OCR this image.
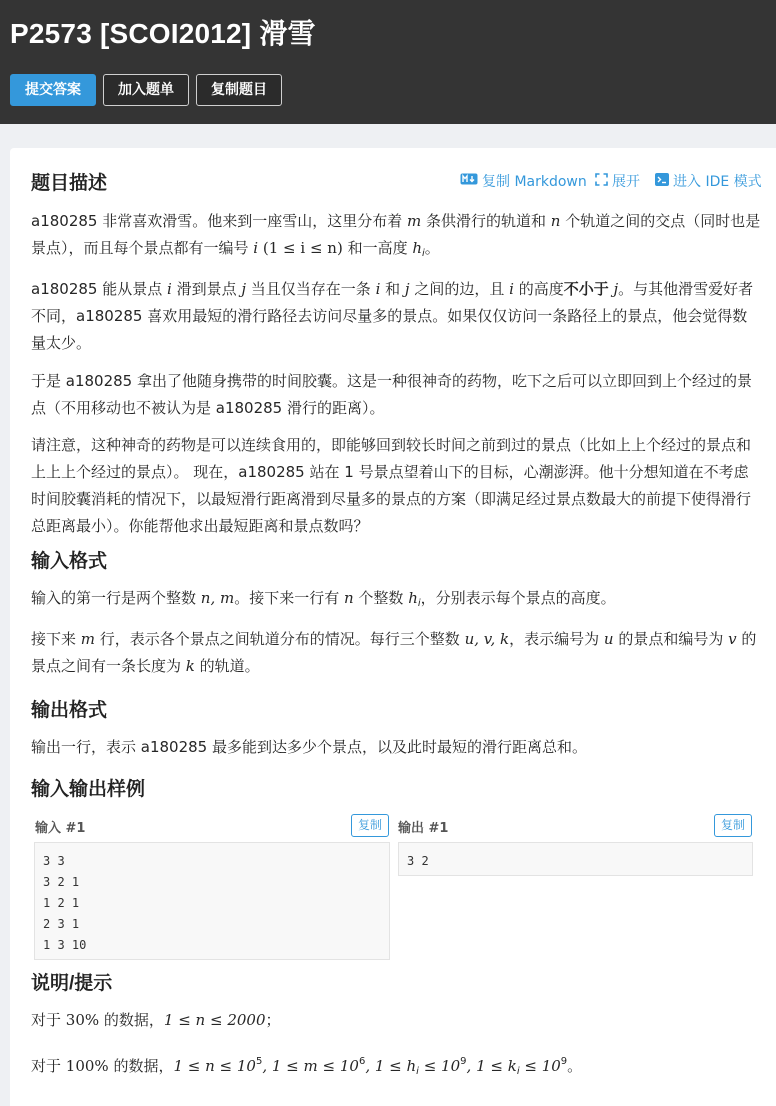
P2573 [SCOI2012] 滑雪
提交答案	加入题单	复制题目
复制 Markdown 展开 进入 IDE 模式
题目描述
a180285 非常喜欢滑雪。他来到一座雪山，这里分布着 m 条供滑行的轨道和 n 个轨道之间的交点（同时也是景点），而且每个景点都有一编号 i (1 ≤ i ≤ n) 和一高度 $h_i$。
a180285 能从景点 i 滑到景点 j 当且仅当存在一条 i 和 j 之间的边，且 i 的高度不小于 j。与其他滑雪爱好者不同，a180285 喜欢用最短的滑行路径去访问尽量多的景点。如果仅仅访问一条路径上的景点，他会觉得数量太少。
于是 a180285 拿出了他随身携带的时间胶囊。这是一种很神奇的药物，吃下之后可以立即回到上个经过的景点（不用移动也不被认为是 a180285 滑行的距离）。
请注意，这种神奇的药物是可以连续食用的，即能够回到较长时间之前到过的景点（比如上上个经过的景点和上上上个经过的景点）。 现在，a180285 站在 1 号景点望着山下的目标，心潮澎湃。他十分想知道在不考虑时间胶囊消耗的情况下，以最短滑行距离滑到尽量多的景点的方案（即满足经过景点数最大的前提下使得滑行总距离最小）。你能帮他求出最短距离和景点数吗？
输入格式
输入的第一行是两个整数 n, m。接下来一行有 n 个整数 $h_i$，分别表示每个景点的高度。
接下来 m 行，表示各个景点之间轨道分布的情况。每行三个整数 u, v, k，表示编号为 u 的景点和编号为 v 的景点之间有一条长度为 k 的轨道。
输出格式
输出一行，表示 a180285 最多能到达多少个景点，以及此时最短的滑行距离总和。
输入输出样例
输入 #1	复制
3 3
3 2 1
1 2 1
2 3 1
1 3 10
输出 #1	复制
3 2
说明/提示
对于 30% 的数据，1 ≤ n ≤ 2000；
对于 100% 的数据，$1 \le n \le 10^5$, $1 \le m \le 10^6$, $1 \le h_i \le 10^9$, $1 \le k_i \le 10^9$。
